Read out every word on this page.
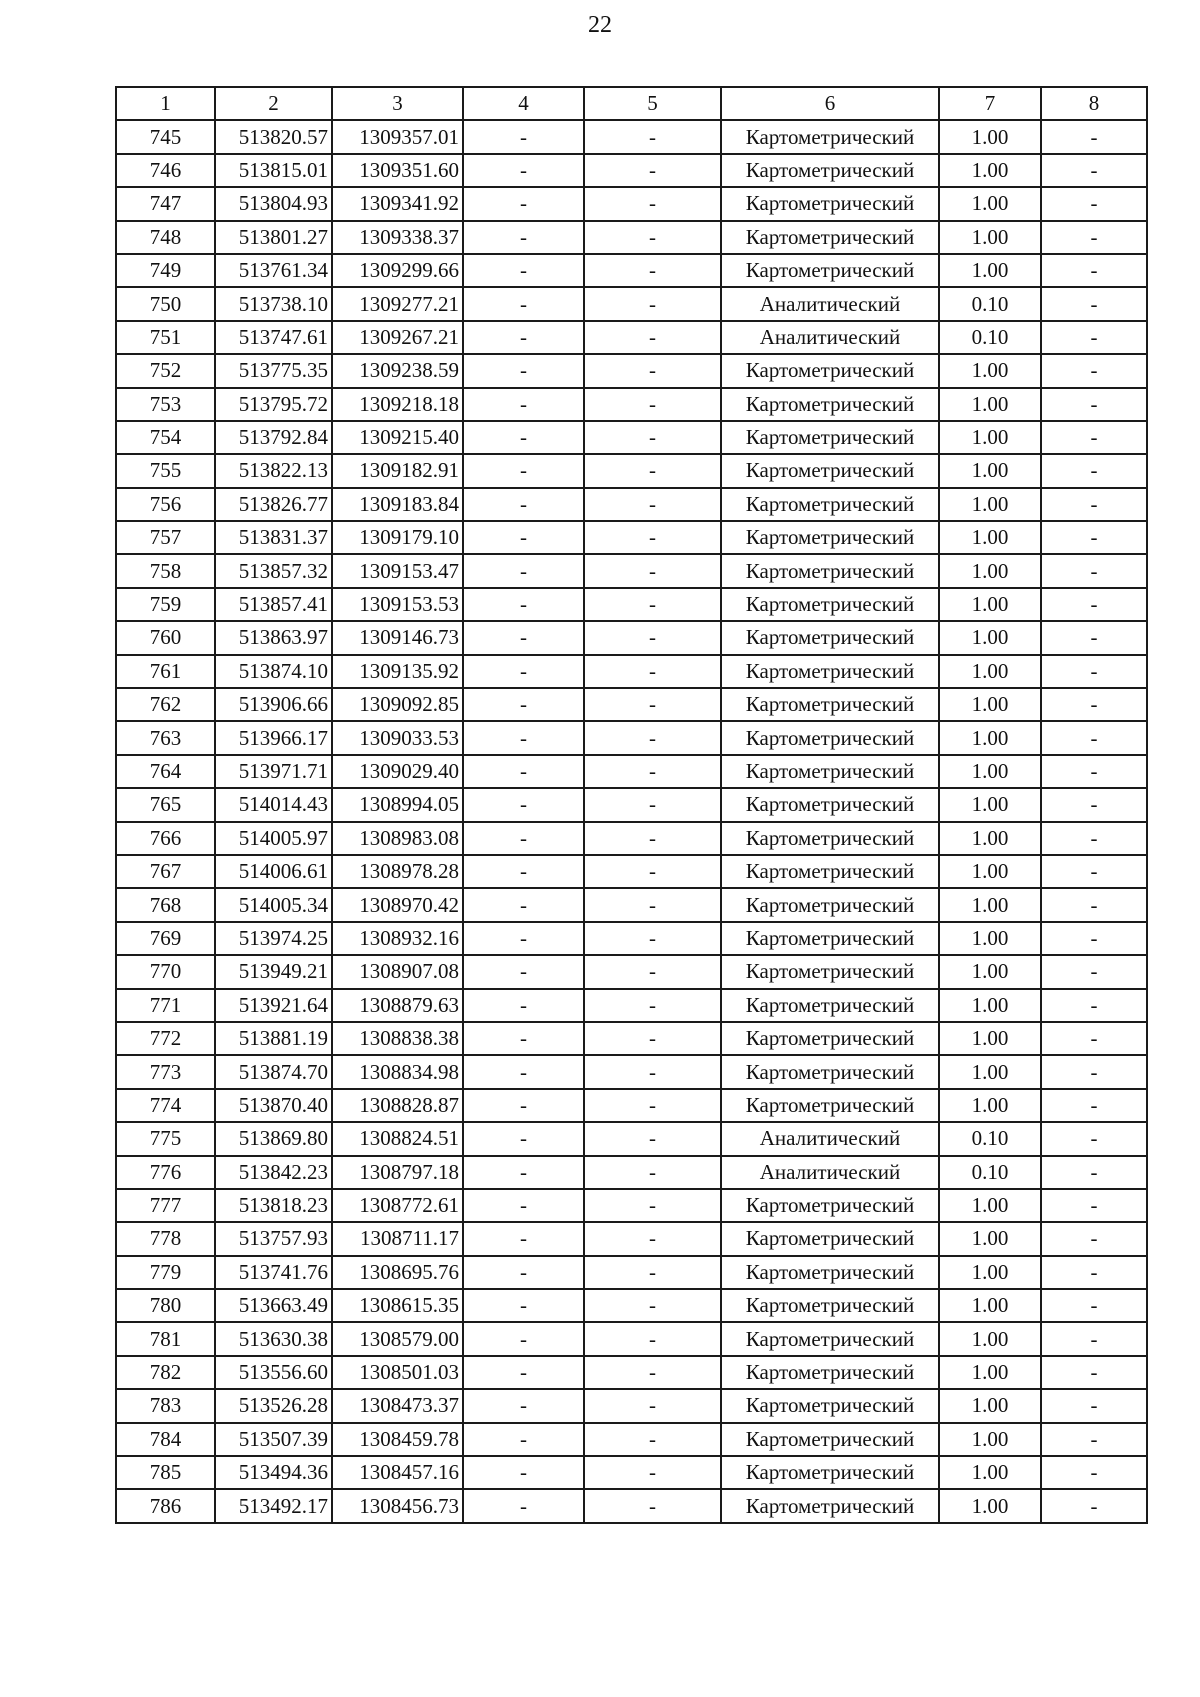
22
1	2	3	4	5	6	7	8
745	513820.57	1309357.01	-	-	Картометрический	1.00	-
746	513815.01	1309351.60	-	-	Картометрический	1.00	-
747	513804.93	1309341.92	-	-	Картометрический	1.00	-
748	513801.27	1309338.37	-	-	Картометрический	1.00	-
749	513761.34	1309299.66	-	-	Картометрический	1.00	-
750	513738.10	1309277.21	-	-	Аналитический	0.10	-
751	513747.61	1309267.21	-	-	Аналитический	0.10	-
752	513775.35	1309238.59	-	-	Картометрический	1.00	-
753	513795.72	1309218.18	-	-	Картометрический	1.00	-
754	513792.84	1309215.40	-	-	Картометрический	1.00	-
755	513822.13	1309182.91	-	-	Картометрический	1.00	-
756	513826.77	1309183.84	-	-	Картометрический	1.00	-
757	513831.37	1309179.10	-	-	Картометрический	1.00	-
758	513857.32	1309153.47	-	-	Картометрический	1.00	-
759	513857.41	1309153.53	-	-	Картометрический	1.00	-
760	513863.97	1309146.73	-	-	Картометрический	1.00	-
761	513874.10	1309135.92	-	-	Картометрический	1.00	-
762	513906.66	1309092.85	-	-	Картометрический	1.00	-
763	513966.17	1309033.53	-	-	Картометрический	1.00	-
764	513971.71	1309029.40	-	-	Картометрический	1.00	-
765	514014.43	1308994.05	-	-	Картометрический	1.00	-
766	514005.97	1308983.08	-	-	Картометрический	1.00	-
767	514006.61	1308978.28	-	-	Картометрический	1.00	-
768	514005.34	1308970.42	-	-	Картометрический	1.00	-
769	513974.25	1308932.16	-	-	Картометрический	1.00	-
770	513949.21	1308907.08	-	-	Картометрический	1.00	-
771	513921.64	1308879.63	-	-	Картометрический	1.00	-
772	513881.19	1308838.38	-	-	Картометрический	1.00	-
773	513874.70	1308834.98	-	-	Картометрический	1.00	-
774	513870.40	1308828.87	-	-	Картометрический	1.00	-
775	513869.80	1308824.51	-	-	Аналитический	0.10	-
776	513842.23	1308797.18	-	-	Аналитический	0.10	-
777	513818.23	1308772.61	-	-	Картометрический	1.00	-
778	513757.93	1308711.17	-	-	Картометрический	1.00	-
779	513741.76	1308695.76	-	-	Картометрический	1.00	-
780	513663.49	1308615.35	-	-	Картометрический	1.00	-
781	513630.38	1308579.00	-	-	Картометрический	1.00	-
782	513556.60	1308501.03	-	-	Картометрический	1.00	-
783	513526.28	1308473.37	-	-	Картометрический	1.00	-
784	513507.39	1308459.78	-	-	Картометрический	1.00	-
785	513494.36	1308457.16	-	-	Картометрический	1.00	-
786	513492.17	1308456.73	-	-	Картометрический	1.00	-
